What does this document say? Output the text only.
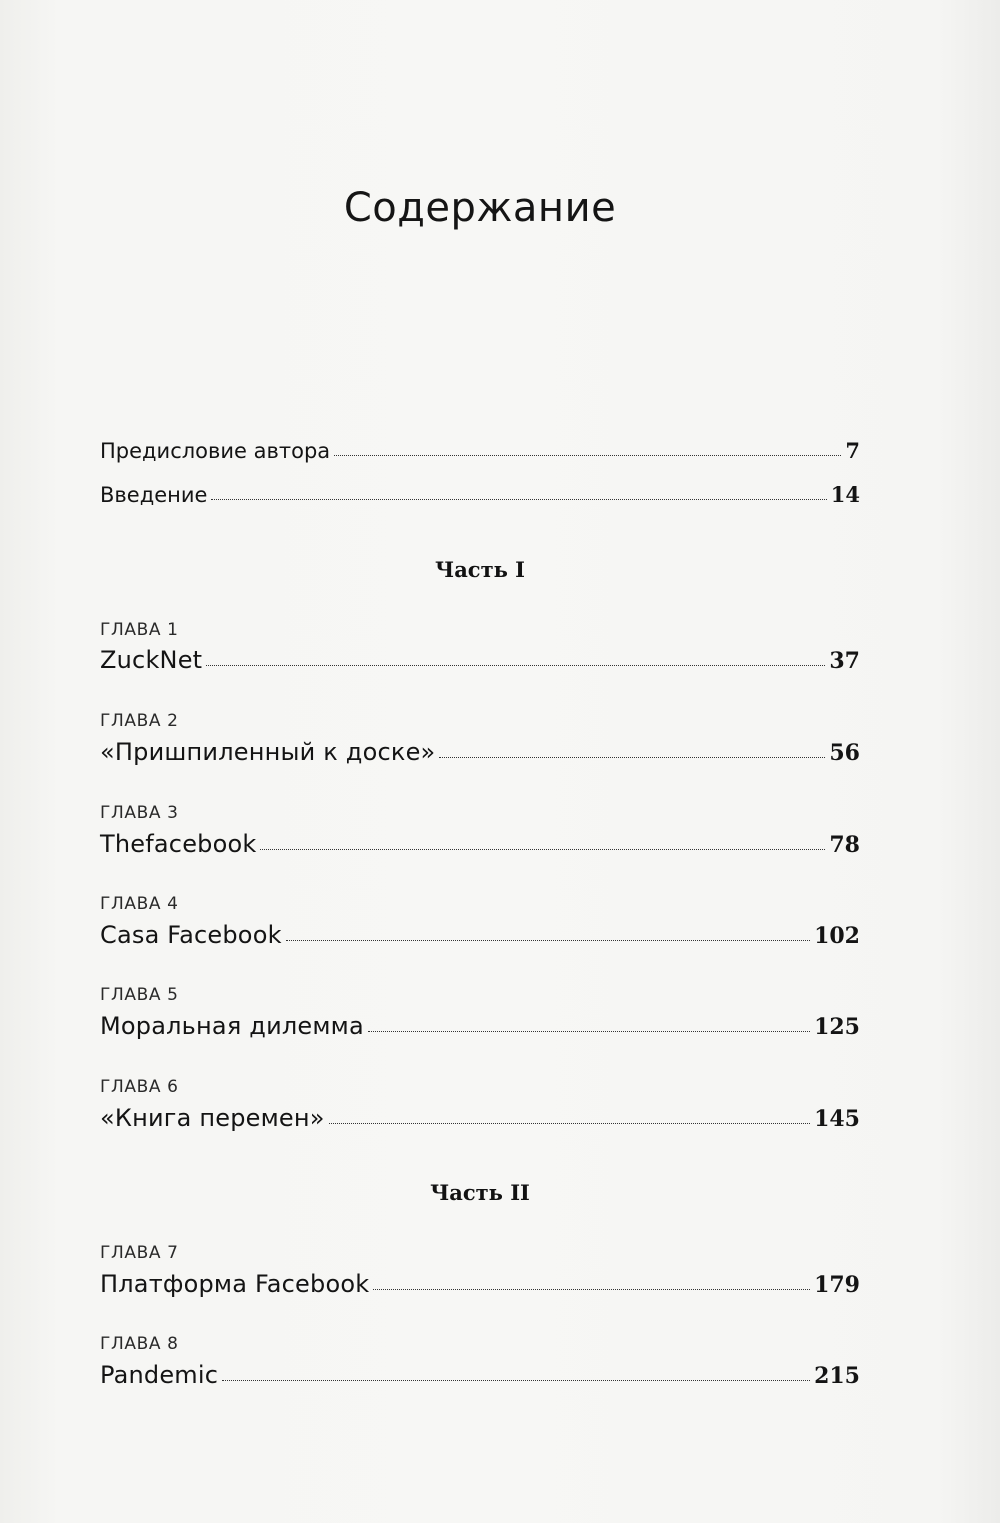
Содержание
Предисловие автора	7
Введение	14
Часть I
ГЛАВА 1
ZuckNet	37
ГЛАВА 2
«Пришпиленный к доске»	56
ГЛАВА 3
Thefacebook	78
ГЛАВА 4
Casa Facebook	102
ГЛАВА 5
Моральная дилемма	125
ГЛАВА 6
«Книга перемен»	145
Часть II
ГЛАВА 7
Платформа Facebook	179
ГЛАВА 8
Pandemic	215
